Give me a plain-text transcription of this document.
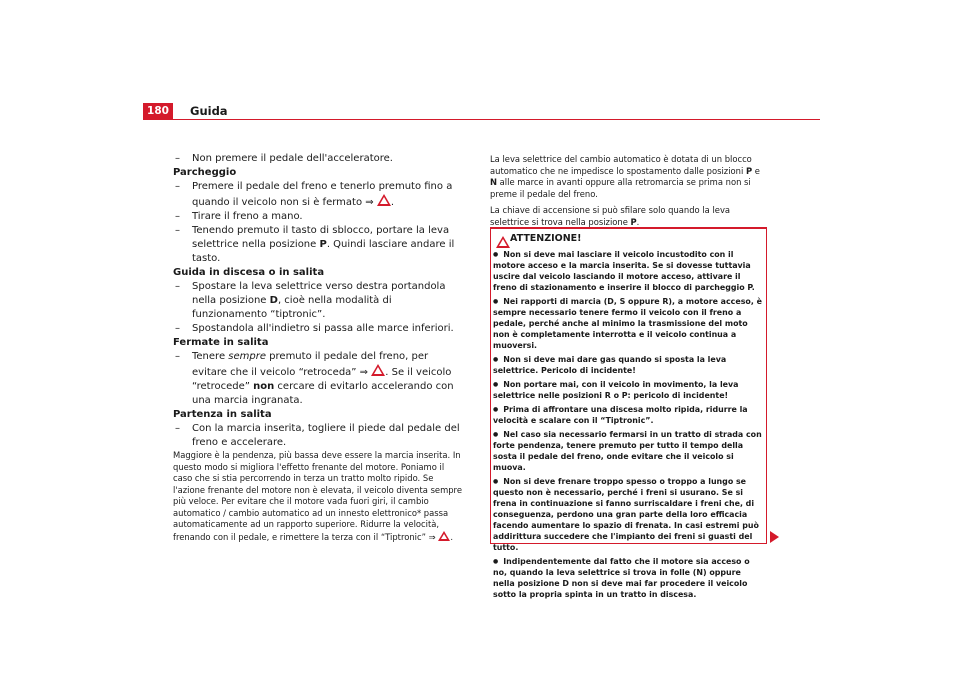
180	Guida

– Non premere il pedale dell'acceleratore.

Parcheggio

– Premere il pedale del freno e tenerlo premuto fino a quando il veicolo non si è fermato ⇒ .

– Tirare il freno a mano.

– Tenendo premuto il tasto di sblocco, portare la leva selettrice nella posizione P. Quindi lasciare andare il tasto.

Guida in discesa o in salita

– Spostare la leva selettrice verso destra portandola nella posizione D, cioè nella modalità di funzionamento “tiptronic”.

– Spostandola all'indietro si passa alle marce inferiori.

Fermate in salita

– Tenere sempre premuto il pedale del freno, per evitare che il veicolo “retroceda” ⇒ . Se il veicolo “retrocede” non cercare di evitarlo accelerando con una marcia ingranata.

Partenza in salita

– Con la marcia inserita, togliere il piede dal pedale del freno e accelerare.

Maggiore è la pendenza, più bassa deve essere la marcia inserita. In questo modo si migliora l'effetto frenante del motore. Poniamo il caso che si stia percorrendo in terza un tratto molto ripido. Se l'azione frenante del motore non è elevata, il veicolo diventa sempre più veloce. Per evitare che il motore vada fuori giri, il cambio automatico / cambio automatico ad un innesto elettronico* passa automaticamente ad un rapporto superiore. Ridurre la velocità, frenando con il pedale, e rimettere la terza con il “Tiptronic” ⇒ .

La leva selettrice del cambio automatico è dotata di un blocco automatico che ne impedisce lo spostamento dalle posizioni P e N alle marce in avanti oppure alla retromarcia se prima non si preme il pedale del freno.

La chiave di accensione si può sfilare solo quando la leva selettrice si trova nella posizione P.

ATTENZIONE!

● Non si deve mai lasciare il veicolo incustodito con il motore acceso e la marcia inserita. Se si dovesse tuttavia uscire dal veicolo lasciando il motore acceso, attivare il freno di stazionamento e inserire il blocco di parcheggio P.

● Nei rapporti di marcia (D, S oppure R), a motore acceso, è sempre necessario tenere fermo il veicolo con il freno a pedale, perché anche al minimo la trasmissione del moto non è completamente interrotta e il veicolo continua a muoversi.

● Non si deve mai dare gas quando si sposta la leva selettrice. Pericolo di incidente!

● Non portare mai, con il veicolo in movimento, la leva selettrice nelle posizioni R o P: pericolo di incidente!

● Prima di affrontare una discesa molto ripida, ridurre la velocità e scalare con il “Tiptronic”.

● Nel caso sia necessario fermarsi in un tratto di strada con forte pendenza, tenere premuto per tutto il tempo della sosta il pedale del freno, onde evitare che il veicolo si muova.

● Non si deve frenare troppo spesso o troppo a lungo se questo non è necessario, perché i freni si usurano. Se si frena in continuazione si fanno surriscaldare i freni che, di conseguenza, perdono una gran parte della loro efficacia facendo aumentare lo spazio di frenata. In casi estremi può addirittura succedere che l'impianto dei freni si guasti del tutto.

● Indipendentemente dal fatto che il motore sia acceso o no, quando la leva selettrice si trova in folle (N) oppure nella posizione D non si deve mai far procedere il veicolo sotto la propria spinta in un tratto in discesa.
